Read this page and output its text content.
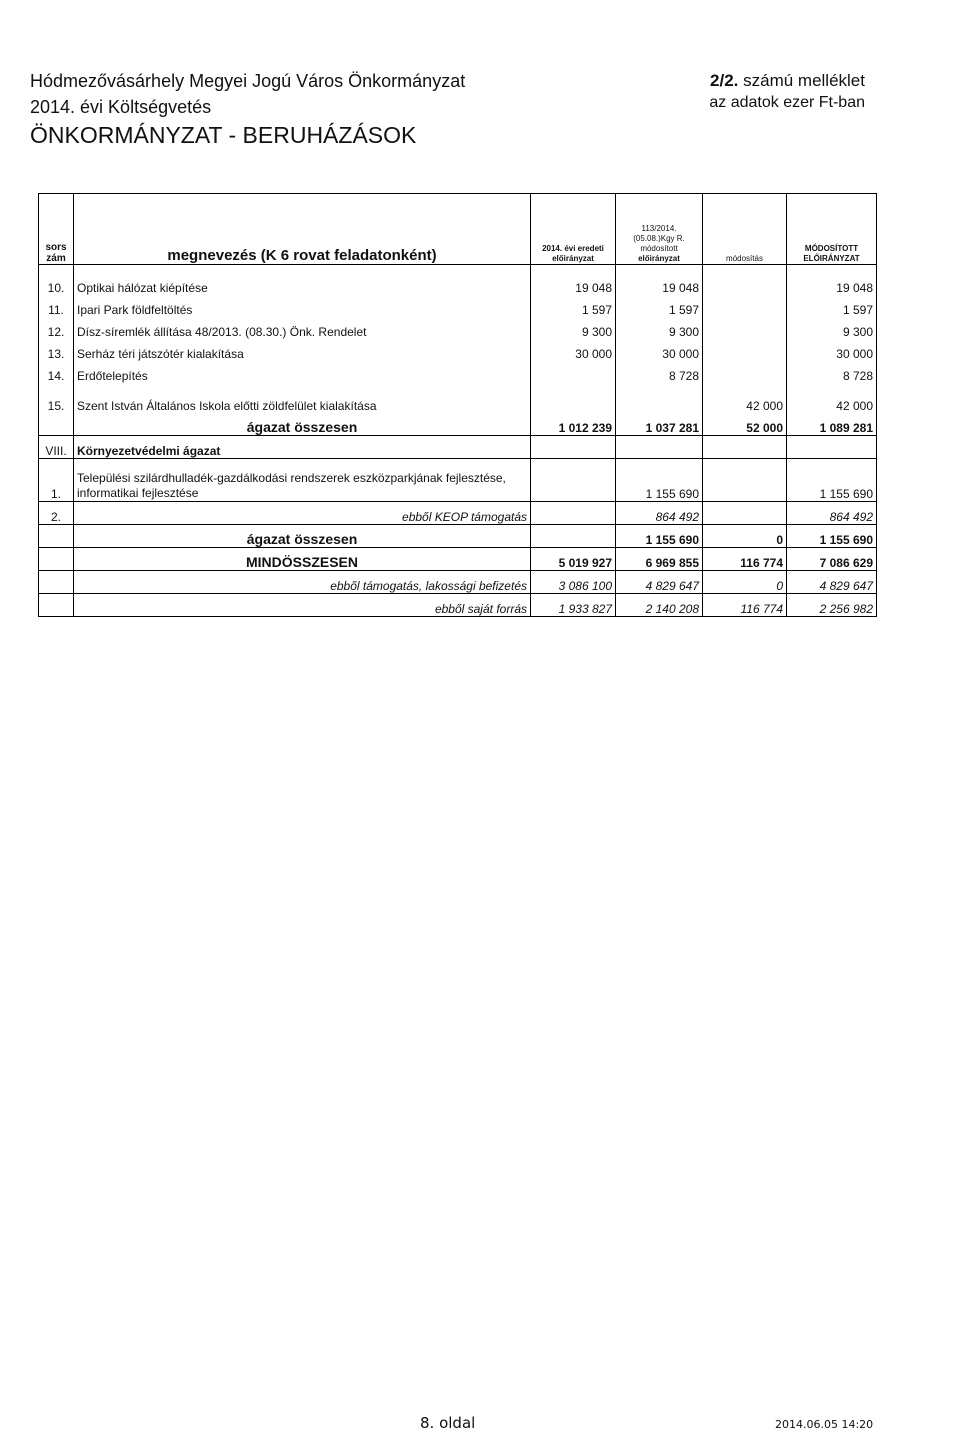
Hódmezővásárhely Megyei Jogú Város Önkormányzat
2014. évi Költségvetés
ÖNKORMÁNYZAT - BERUHÁZÁSOK
2/2. számú melléklet
az adatok ezer Ft-ban
sors
zám	megnevezés (K 6 rovat feladatonként)	2014. évi eredeti előirányzat	113/2014.
(05.08.)Kgy R.
módosított
előirányzat	módosítás	MÓDOSÍTOTT
ELŐIRÁNYZAT

10.	Optikai hálózat kiépítése	19 048	19 048		19 048
11.	Ipari Park földfeltöltés	1 597	1 597		1 597
12.	Dísz-síremlék állítása 48/2013. (08.30.) Önk. Rendelet	9 300	9 300		9 300
13.	Serház téri játszótér kialakítása	30 000	30 000		30 000
14.	Erdőtelepítés		8 728		8 728

15.	Szent István Általános Iskola előtti zöldfelület kialakítása			42 000	42 000
	ágazat összesen	1 012 239	1 037 281	52 000	1 089 281
VIII.	Környezetvédelmi ágazat				
1.	Települési szilárdhulladék-gazdálkodási rendszerek eszközparkjának fejlesztése,
informatikai fejlesztése		1 155 690		1 155 690
2.	ebből KEOP támogatás		864 492		864 492
	ágazat összesen		1 155 690	0	1 155 690
	MINDÖSSZESEN	5 019 927	6 969 855	116 774	7 086 629
	ebből támogatás, lakossági befizetés	3 086 100	4 829 647	0	4 829 647
	ebből saját forrás	1 933 827	2 140 208	116 774	2 256 982
8. oldal	2014.06.05 14:20
